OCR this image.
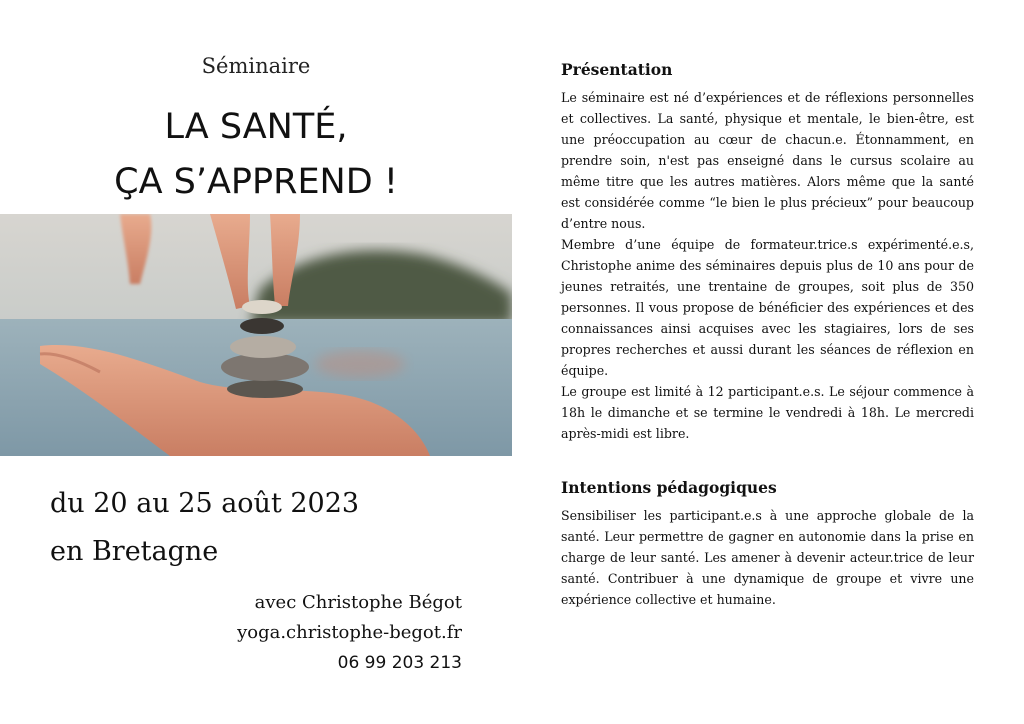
Séminaire
LA SANTÉ,
ÇA S’APPREND !
du 20 au 25 août 2023
en Bretagne
avec Christophe Bégot
yoga.christophe-begot.fr
06 99 203 213
Présentation

Le séminaire est né d’expériences et de réflexions personnelles et collectives. La santé, physique et mentale, le bien-être, est une préoccupation au cœur de chacun.e. Étonnamment, en prendre soin, n'est pas enseigné dans le cursus scolaire au même titre que les autres matières. Alors même que la santé est considérée comme “le bien le plus précieux” pour beaucoup d’entre nous.

Membre d’une équipe de formateur.trice.s expérimenté.e.s, Christophe anime des séminaires depuis plus de 10 ans pour de jeunes retraités, une trentaine de groupes, soit plus de 350 personnes. Il vous propose de bénéficier des expériences et des connaissances ainsi acquises avec les stagiaires, lors de ses propres recherches et aussi durant les séances de réflexion en équipe.

Le groupe est limité à 12 participant.e.s. Le séjour commence à 18h le dimanche et se termine le vendredi à 18h. Le mercredi après-midi est libre.

Intentions pédagogiques

Sensibiliser les participant.e.s à une approche globale de la santé. Leur permettre de gagner en autonomie dans la prise en charge de leur santé. Les amener à devenir acteur.trice de leur santé. Contribuer à une dynamique de groupe et vivre une expérience collective et humaine.
